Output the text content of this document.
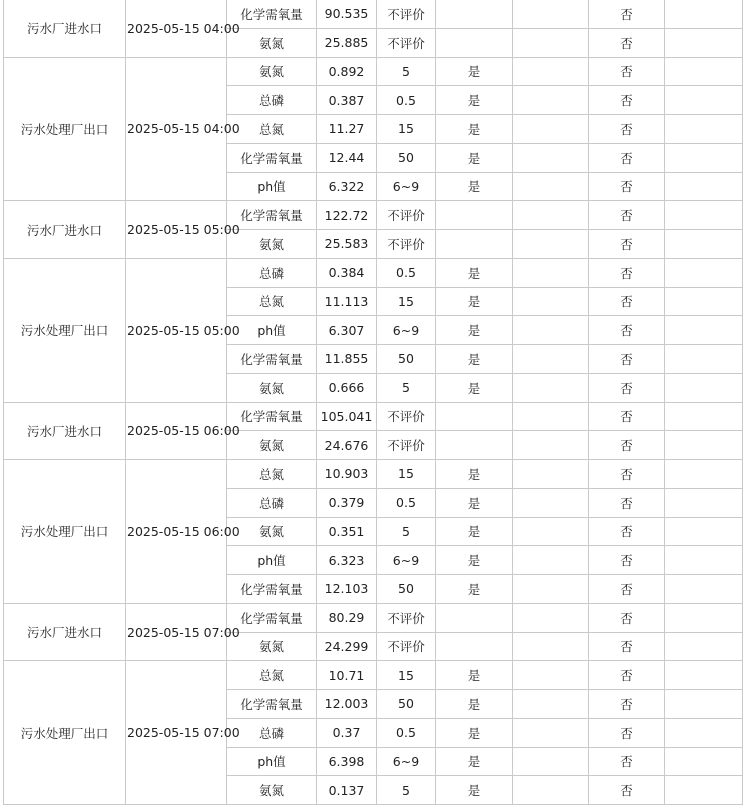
污水厂进水口	2025-05-15 04:00	化学需氧量	90.535	不评价			否	
		氨氮	25.885	不评价			否	
污水处理厂出口	2025-05-15 04:00	氨氮	0.892	5	是		否	
		总磷	0.387	0.5	是		否	
		总氮	11.27	15	是		否	
		化学需氧量	12.44	50	是		否	
		ph值	6.322	6~9	是		否	
污水厂进水口	2025-05-15 05:00	化学需氧量	122.72	不评价			否	
		氨氮	25.583	不评价			否	
污水处理厂出口	2025-05-15 05:00	总磷	0.384	0.5	是		否	
		总氮	11.113	15	是		否	
		ph值	6.307	6~9	是		否	
		化学需氧量	11.855	50	是		否	
		氨氮	0.666	5	是		否	
污水厂进水口	2025-05-15 06:00	化学需氧量	105.041	不评价			否	
		氨氮	24.676	不评价			否	
污水处理厂出口	2025-05-15 06:00	总氮	10.903	15	是		否	
		总磷	0.379	0.5	是		否	
		氨氮	0.351	5	是		否	
		ph值	6.323	6~9	是		否	
		化学需氧量	12.103	50	是		否	
污水厂进水口	2025-05-15 07:00	化学需氧量	80.29	不评价			否	
		氨氮	24.299	不评价			否	
污水处理厂出口	2025-05-15 07:00	总氮	10.71	15	是		否	
		化学需氧量	12.003	50	是		否	
		总磷	0.37	0.5	是		否	
		ph值	6.398	6~9	是		否	
		氨氮	0.137	5	是		否	
